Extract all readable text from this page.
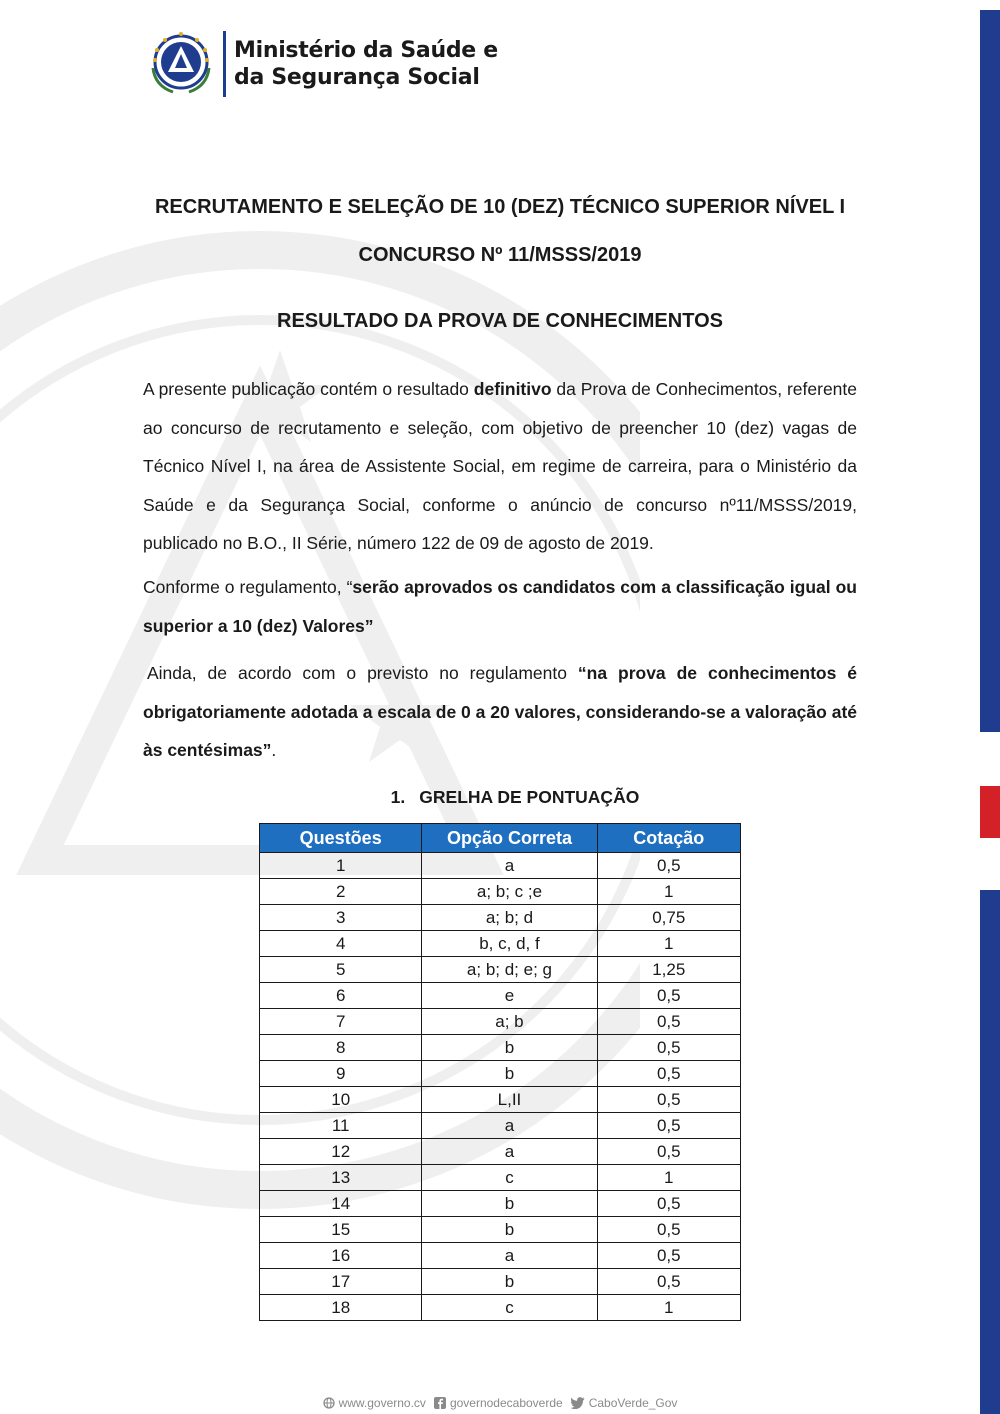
Ministério da Saúde e
da Segurança Social
RECRUTAMENTO E SELEÇÃO DE 10 (DEZ) TÉCNICO SUPERIOR NÍVEL I
CONCURSO Nº 11/MSSS/2019
RESULTADO DA PROVA DE CONHECIMENTOS
A presente publicação contém o resultado definitivo da Prova de Conhecimentos, referente ao concurso de recrutamento e seleção, com objetivo de preencher 10 (dez) vagas de Técnico Nível I, na área de Assistente Social, em regime de carreira, para o Ministério da Saúde e da Segurança Social, conforme o anúncio de concurso nº11/MSSS/2019, publicado no B.O., II Série, número 122 de 09 de agosto de 2019.
Conforme o regulamento, “serão aprovados os candidatos com a classificação igual ou superior a 10 (dez) Valores”
Ainda, de acordo com o previsto no regulamento “na prova de conhecimentos é obrigatoriamente adotada a escala de 0 a 20 valores, considerando-se a valoração até às centésimas”.
1. GRELHA DE PONTUAÇÃO
Questões	Opção Correta	Cotação
1	a	0,5
2	a; b; c ;e	1
3	a; b; d	0,75
4	b, c, d, f	1
5	a; b; d; e; g	1,25
6	e	0,5
7	a; b	0,5
8	b	0,5
9	b	0,5
10	L,II	0,5
11	a	0,5
12	a	0,5
13	c	1
14	b	0,5
15	b	0,5
16	a	0,5
17	b	0,5
18	c	1
www.governo.cv governodecaboverde CaboVerde_Gov
